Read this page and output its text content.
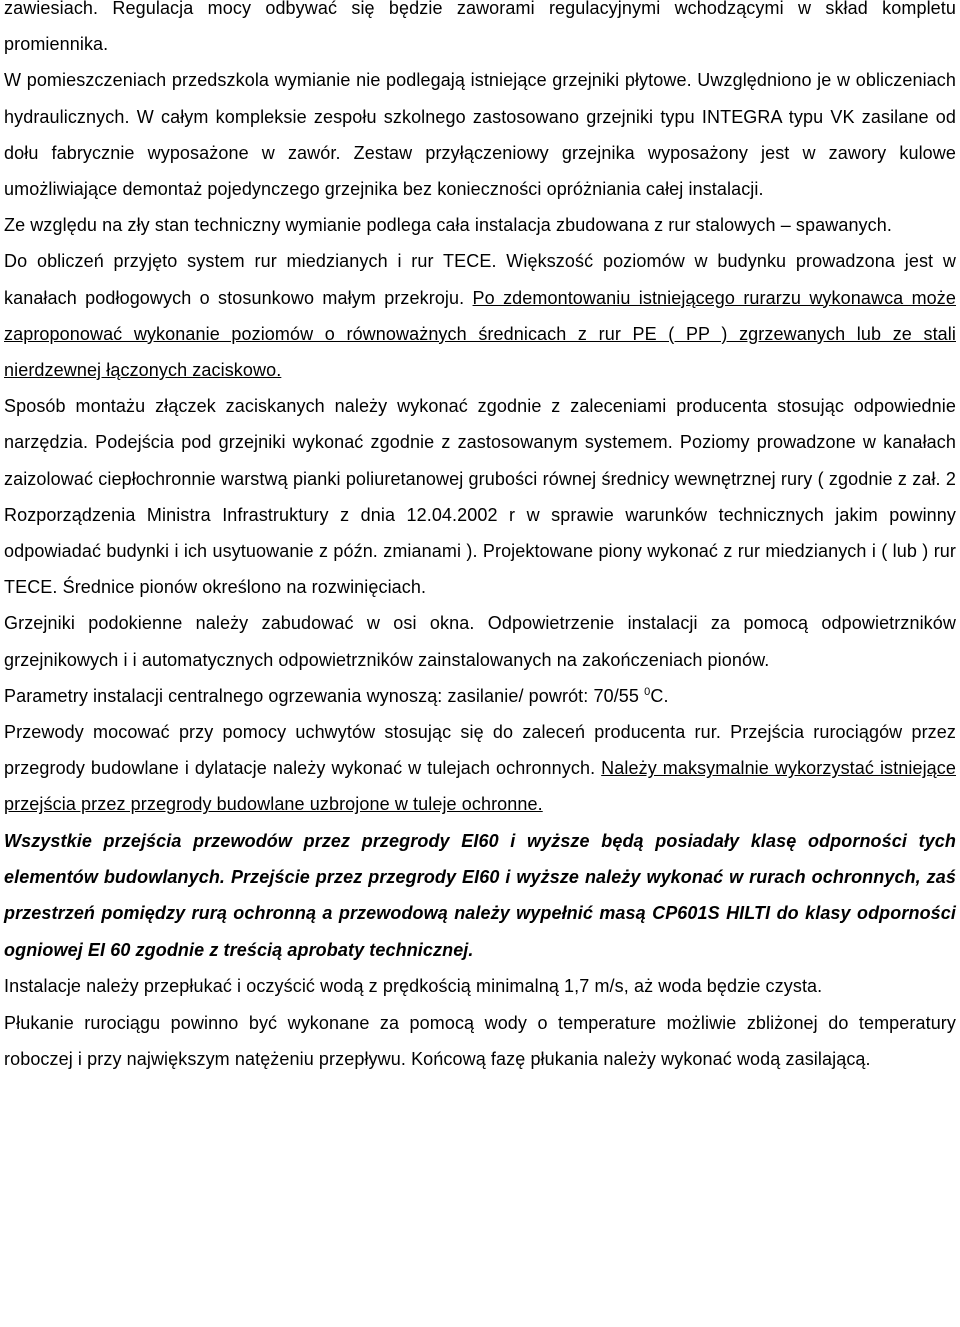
zawiesiach. Regulacja mocy odbywać się będzie zaworami regulacyjnymi wchodzącymi w skład kompletu promiennika.

W pomieszczeniach przedszkola wymianie nie podlegają istniejące grzejniki płytowe. Uwzględniono je w obliczeniach hydraulicznych. W całym kompleksie zespołu szkolnego zastosowano grzejniki typu INTEGRA typu VK zasilane od dołu fabrycznie wyposażone w zawór. Zestaw przyłączeniowy grzejnika wyposażony jest w zawory kulowe umożliwiające demontaż pojedynczego grzejnika bez konieczności opróżniania całej instalacji.

Ze względu na zły stan techniczny wymianie podlega cała instalacja zbudowana z rur stalowych – spawanych.

Do obliczeń przyjęto system rur miedzianych i rur TECE. Większość poziomów w budynku prowadzona jest w kanałach podłogowych o stosunkowo małym przekroju. Po zdemontowaniu istniejącego rurarzu wykonawca może zaproponować wykonanie poziomów o równoważnych średnicach z rur PE ( PP ) zgrzewanych lub ze stali nierdzewnej łączonych zaciskowo.

Sposób montażu złączek zaciskanych należy wykonać zgodnie z zaleceniami producenta stosując odpowiednie narzędzia. Podejścia pod grzejniki wykonać zgodnie z zastosowanym systemem. Poziomy prowadzone w kanałach zaizolować ciepłochronnie warstwą pianki poliuretanowej grubości równej średnicy wewnętrznej rury ( zgodnie z zał. 2 Rozporządzenia Ministra Infrastruktury z dnia 12.04.2002 r w sprawie warunków technicznych jakim powinny odpowiadać budynki i ich usytuowanie z późn. zmianami ). Projektowane piony wykonać z rur miedzianych i ( lub ) rur TECE. Średnice pionów określono na rozwinięciach.

Grzejniki podokienne należy zabudować w osi okna. Odpowietrzenie instalacji za pomocą odpowietrzników grzejnikowych i i automatycznych odpowietrzników zainstalowanych na zakończeniach pionów.

Parametry instalacji centralnego ogrzewania wynoszą: zasilanie/ powrót: 70/55 $^0$C.

Przewody mocować przy pomocy uchwytów stosując się do zaleceń producenta rur. Przejścia rurociągów przez przegrody budowlane i dylatacje należy wykonać w tulejach ochronnych. Należy maksymalnie wykorzystać istniejące przejścia przez przegrody budowlane uzbrojone w tuleje ochronne.

Wszystkie przejścia przewodów przez przegrody EI60 i wyższe będą posiadały klasę odporności tych elementów budowlanych. Przejście przez przegrody EI60 i wyższe należy wykonać w rurach ochronnych, zaś przestrzeń pomiędzy rurą ochronną a przewodową należy wypełnić masą CP601S HILTI do klasy odporności ogniowej EI 60 zgodnie z treścią aprobaty technicznej.

Instalacje należy przepłukać i oczyścić wodą z prędkością minimalną 1,7 m/s, aż woda będzie czysta.

Płukanie rurociągu powinno być wykonane za pomocą wody o temperature możliwie zbliżonej do temperatury roboczej i przy największym natężeniu przepływu. Końcową fazę płukania należy wykonać wodą zasilającą.
